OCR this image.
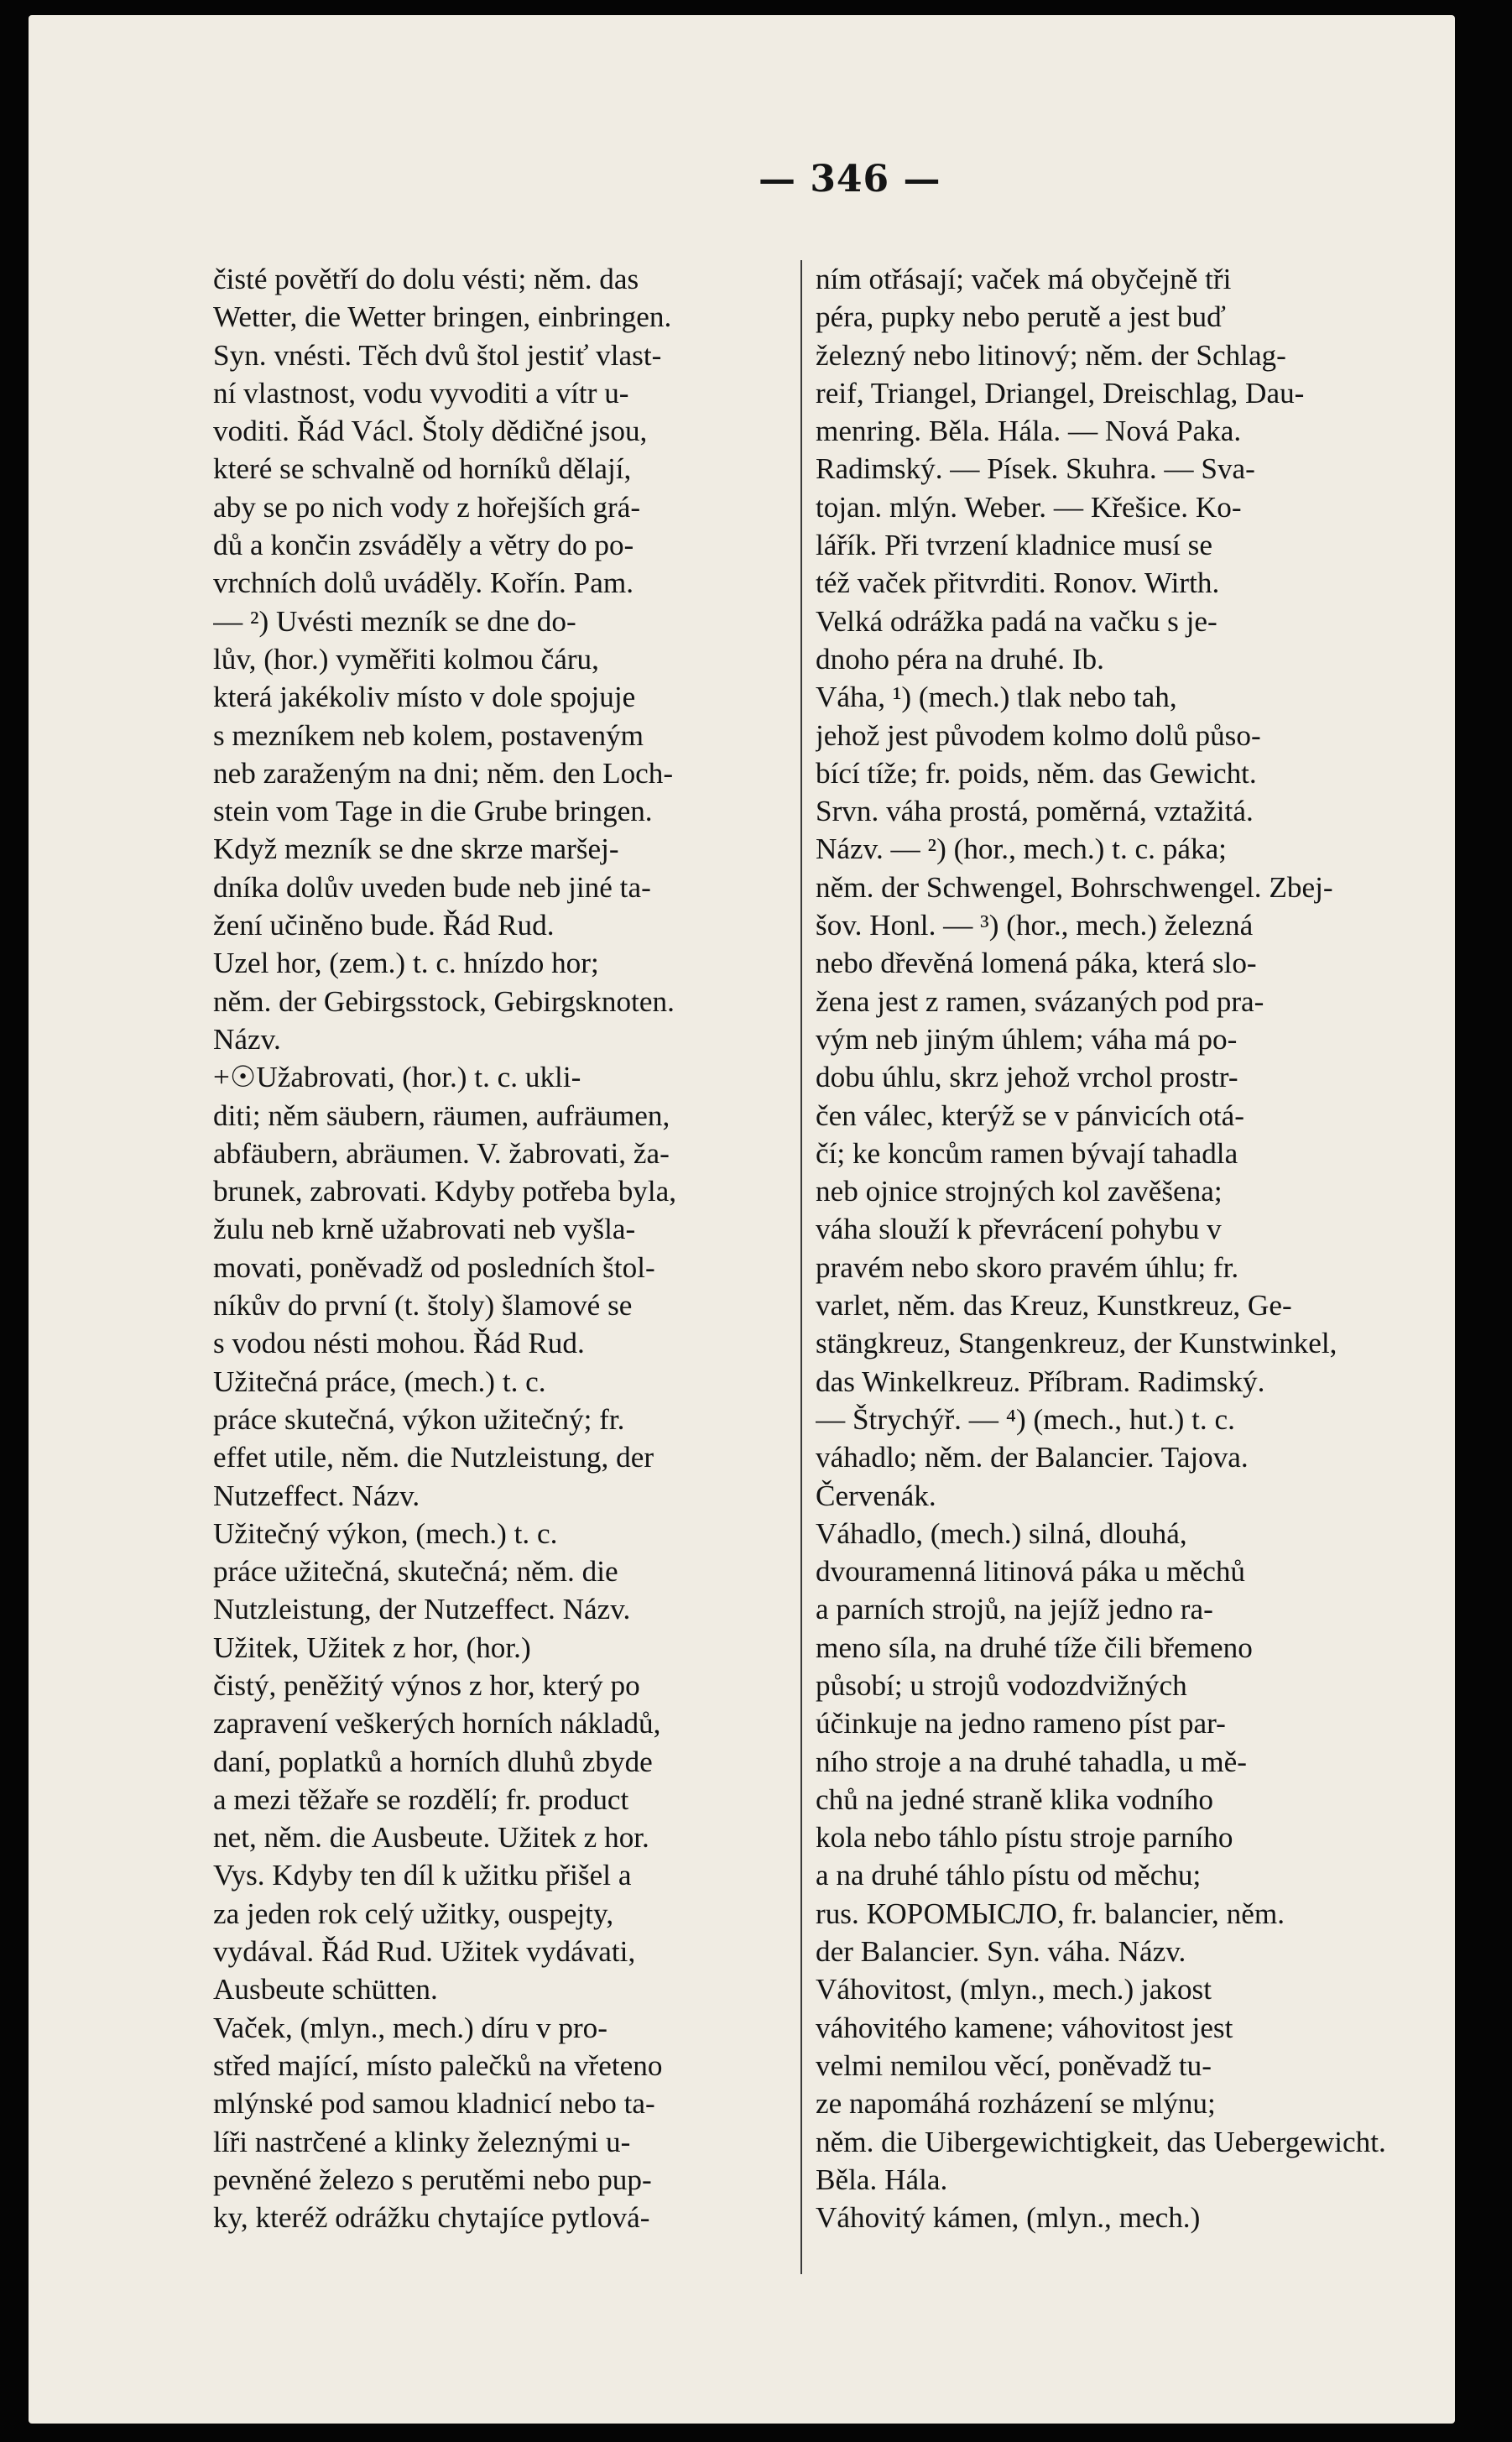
— 346 —
čisté povětří do dolu vésti; něm. das
Wetter, die Wetter bringen, einbringen.
Syn. vnésti. Těch dvů štol jestiť vlast-
ní vlastnost, vodu vyvoditi a vítr u-
voditi. Řád Václ. Štoly dědičné jsou,
které se schvalně od horníků dělají,
aby se po nich vody z hořejších grá-
dů a končin zsváděly a větry do po-
vrchních dolů uváděly. Kořín. Pam.
— ²) Uvésti mezník se dne do-
lův, (hor.) vyměřiti kolmou čáru,
která jakékoliv místo v dole spojuje
s mezníkem neb kolem, postaveným
neb zaraženým na dni; něm. den Loch-
stein vom Tage in die Grube bringen.
Když mezník se dne skrze maršej-
dníka dolův uveden bude neb jiné ta-
žení učiněno bude. Řád Rud.
Uzel hor, (zem.) t. c. hnízdo hor;
něm. der Gebirgsstock, Gebirgsknoten.
Názv.
+☉Užabrovati, (hor.) t. c. ukli-
diti; něm säubern, räumen, aufräumen,
abfäubern, abräumen. V. žabrovati, ža-
brunek, zabrovati. Kdyby potřeba byla,
žulu neb krně užabrovati neb vyšla-
movati, poněvadž od posledních štol-
níkův do první (t. štoly) šlamové se
s vodou nésti mohou. Řád Rud.
Užitečná práce, (mech.) t. c.
práce skutečná, výkon užitečný; fr.
effet utile, něm. die Nutzleistung, der
Nutzeffect. Názv.
Užitečný výkon, (mech.) t. c.
práce užitečná, skutečná; něm. die
Nutzleistung, der Nutzeffect. Názv.
Užitek, Užitek z hor, (hor.)
čistý, peněžitý výnos z hor, který po
zapravení veškerých horních nákladů,
daní, poplatků a horních dluhů zbyde
a mezi těžaře se rozdělí; fr. product
net, něm. die Ausbeute. Užitek z hor.
Vys. Kdyby ten díl k užitku přišel a
za jeden rok celý užitky, ouspejty,
vydával. Řád Rud. Užitek vydávati,
Ausbeute schütten.
Vaček, (mlyn., mech.) díru v pro-
střed mající, místo palečků na vřeteno
mlýnské pod samou kladnicí nebo ta-
líři nastrčené a klinky železnými u-
pevněné železo s perutěmi nebo pup-
ky, kteréž odrážku chytajíce pytlová-
ním otřásají; vaček má obyčejně tři
péra, pupky nebo perutě a jest buď
železný nebo litinový; něm. der Schlag-
reif, Triangel, Driangel, Dreischlag, Dau-
menring. Běla. Hála. — Nová Paka.
Radimský. — Písek. Skuhra. — Sva-
tojan. mlýn. Weber. — Křešice. Ko-
lářík. Při tvrzení kladnice musí se
též vaček přitvrditi. Ronov. Wirth.
Velká odrážka padá na vačku s je-
dnoho péra na druhé. Ib.
Váha, ¹) (mech.) tlak nebo tah,
jehož jest původem kolmo dolů půso-
bící tíže; fr. poids, něm. das Gewicht.
Srvn. váha prostá, poměrná, vztažitá.
Názv. — ²) (hor., mech.) t. c. páka;
něm. der Schwengel, Bohrschwengel. Zbej-
šov. Honl. — ³) (hor., mech.) železná
nebo dřevěná lomená páka, která slo-
žena jest z ramen, svázaných pod pra-
vým neb jiným úhlem; váha má po-
dobu úhlu, skrz jehož vrchol prostr-
čen válec, kterýž se v pánvicích otá-
čí; ke koncům ramen bývají tahadla
neb ojnice strojných kol zavěšena;
váha slouží k převrácení pohybu v
pravém nebo skoro pravém úhlu; fr.
varlet, něm. das Kreuz, Kunstkreuz, Ge-
stängkreuz, Stangenkreuz, der Kunstwinkel,
das Winkelkreuz. Příbram. Radimský.
— Štrychýř. — ⁴) (mech., hut.) t. c.
váhadlo; něm. der Balancier. Tajova.
Červenák.
Váhadlo, (mech.) silná, dlouhá,
dvouramenná litinová páka u měchů
a parních strojů, na jejíž jedno ra-
meno síla, na druhé tíže čili břemeno
působí; u strojů vodozdvižných
účinkuje na jedno rameno píst par-
ního stroje a na druhé tahadla, u mě-
chů na jedné straně klika vodního
kola nebo táhlo pístu stroje parního
a na druhé táhlo pístu od měchu;
rus. КОРОМЫСЛО, fr. balancier, něm.
der Balancier. Syn. váha. Názv.
Váhovitost, (mlyn., mech.) jakost
váhovitého kamene; váhovitost jest
velmi nemilou věcí, poněvadž tu-
ze napomáhá rozházení se mlýnu;
něm. die Uibergewichtigkeit, das Uebergewicht.
Běla. Hála.
Váhovitý kámen, (mlyn., mech.)
